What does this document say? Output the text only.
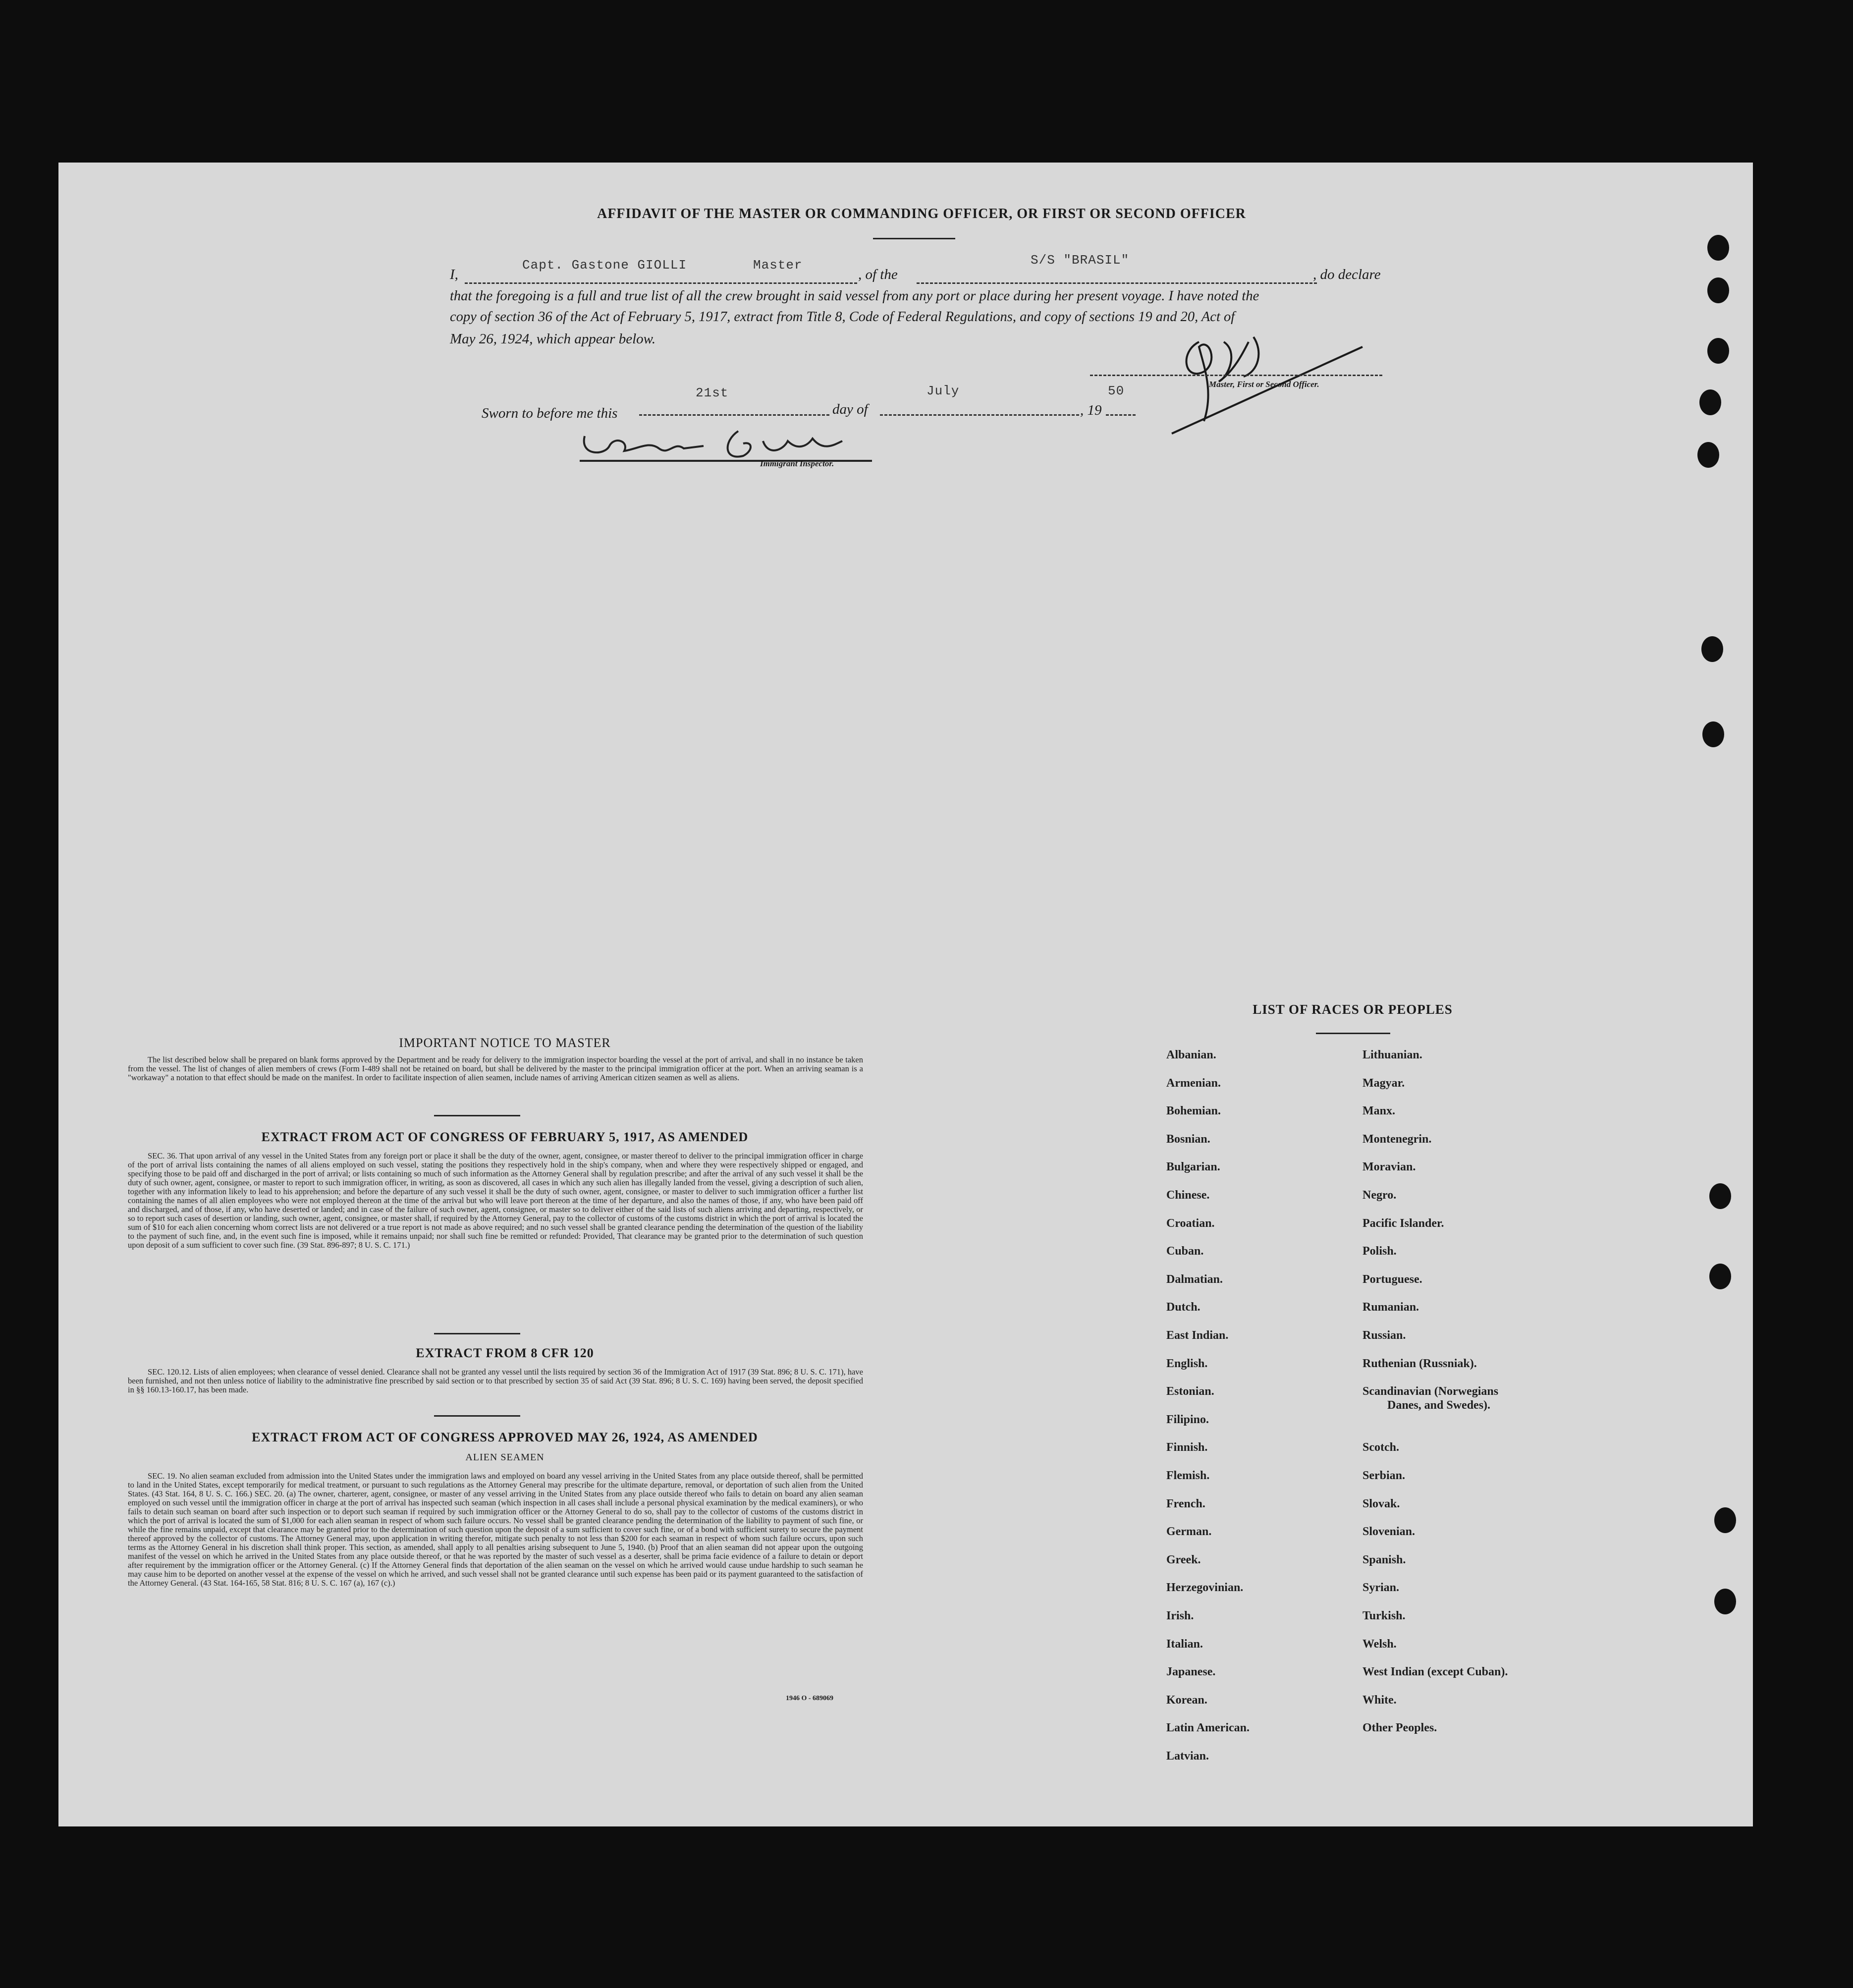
AFFIDAVIT OF THE MASTER OR COMMANDING OFFICER, OR FIRST OR SECOND OFFICER
I,
Capt. Gastone GIOLLI	Master
, of the
S/S "BRASIL"
, do declare
that the foregoing is a full and true list of all the crew brought in said vessel from any port or place during her present voyage. I have noted the
copy of section 36 of the Act of February 5, 1917, extract from Title 8, Code of Federal Regulations, and copy of sections 19 and 20, Act of
May 26, 1924, which appear below.
Master, First or Second Officer.
Sworn to before me this
21st
day of
July
, 19
50
Immigrant Inspector.
IMPORTANT NOTICE TO MASTER
The list described below shall be prepared on blank forms approved by the Department and be ready for delivery to the immigration inspector boarding the vessel at the port of arrival, and shall in no instance be taken from the vessel. The list of changes of alien members of crews (Form I-489 shall not be retained on board, but shall be delivered by the master to the principal immigration officer at the port. When an arriving seaman is a "workaway" a notation to that effect should be made on the manifest. In order to facilitate inspection of alien seamen, include names of arriving American citizen seamen as well as aliens.
EXTRACT FROM ACT OF CONGRESS OF FEBRUARY 5, 1917, AS AMENDED
SEC. 36. That upon arrival of any vessel in the United States from any foreign port or place it shall be the duty of the owner, agent, consignee, or master thereof to deliver to the principal immigration officer in charge of the port of arrival lists containing the names of all aliens employed on such vessel, stating the positions they respectively hold in the ship's company, when and where they were respectively shipped or engaged, and specifying those to be paid off and discharged in the port of arrival; or lists containing so much of such information as the Attorney General shall by regulation prescribe; and after the arrival of any such vessel it shall be the duty of such owner, agent, consignee, or master to report to such immigration officer, in writing, as soon as discovered, all cases in which any such alien has illegally landed from the vessel, giving a description of such alien, together with any information likely to lead to his apprehension; and before the departure of any such vessel it shall be the duty of such owner, agent, consignee, or master to deliver to such immigration officer a further list containing the names of all alien employees who were not employed thereon at the time of the arrival but who will leave port thereon at the time of her departure, and also the names of those, if any, who have been paid off and discharged, and of those, if any, who have deserted or landed; and in case of the failure of such owner, agent, consignee, or master so to deliver either of the said lists of such aliens arriving and departing, respectively, or so to report such cases of desertion or landing, such owner, agent, consignee, or master shall, if required by the Attorney General, pay to the collector of customs of the customs district in which the port of arrival is located the sum of $10 for each alien concerning whom correct lists are not delivered or a true report is not made as above required; and no such vessel shall be granted clearance pending the determination of the question of the liability to the payment of such fine, and, in the event such fine is imposed, while it remains unpaid; nor shall such fine be remitted or refunded: Provided, That clearance may be granted prior to the determination of such question upon deposit of a sum sufficient to cover such fine. (39 Stat. 896-897; 8 U. S. C. 171.)
EXTRACT FROM 8 CFR 120
SEC. 120.12. Lists of alien employees; when clearance of vessel denied. Clearance shall not be granted any vessel until the lists required by section 36 of the Immigration Act of 1917 (39 Stat. 896; 8 U. S. C. 171), have been furnished, and not then unless notice of liability to the administrative fine prescribed by said section or to that prescribed by section 35 of said Act (39 Stat. 896; 8 U. S. C. 169) having been served, the deposit specified in §§ 160.13-160.17, has been made.
EXTRACT FROM ACT OF CONGRESS APPROVED MAY 26, 1924, AS AMENDED
ALIEN SEAMEN
SEC. 19. No alien seaman excluded from admission into the United States under the immigration laws and employed on board any vessel arriving in the United States from any place outside thereof, shall be permitted to land in the United States, except temporarily for medical treatment, or pursuant to such regulations as the Attorney General may prescribe for the ultimate departure, removal, or deportation of such alien from the United States. (43 Stat. 164, 8 U. S. C. 166.) SEC. 20. (a) The owner, charterer, agent, consignee, or master of any vessel arriving in the United States from any place outside thereof who fails to detain on board any alien seaman employed on such vessel until the immigration officer in charge at the port of arrival has inspected such seaman (which inspection in all cases shall include a personal physical examination by the medical examiners), or who fails to detain such seaman on board after such inspection or to deport such seaman if required by such immigration officer or the Attorney General to do so, shall pay to the collector of customs of the customs district in which the port of arrival is located the sum of $1,000 for each alien seaman in respect of whom such failure occurs. No vessel shall be granted clearance pending the determination of the liability to payment of such fine, or while the fine remains unpaid, except that clearance may be granted prior to the determination of such question upon the deposit of a sum sufficient to cover such fine, or of a bond with sufficient surety to secure the payment thereof approved by the collector of customs. The Attorney General may, upon application in writing therefor, mitigate such penalty to not less than $200 for each seaman in respect of whom such failure occurs, upon such terms as the Attorney General in his discretion shall think proper. This section, as amended, shall apply to all penalties arising subsequent to June 5, 1940. (b) Proof that an alien seaman did not appear upon the outgoing manifest of the vessel on which he arrived in the United States from any place outside thereof, or that he was reported by the master of such vessel as a deserter, shall be prima facie evidence of a failure to detain or deport after requirement by the immigration officer or the Attorney General. (c) If the Attorney General finds that deportation of the alien seaman on the vessel on which he arrived would cause undue hardship to such seaman he may cause him to be deported on another vessel at the expense of the vessel on which he arrived, and such vessel shall not be granted clearance until such expense has been paid or its payment guaranteed to the satisfaction of the Attorney General. (43 Stat. 164-165, 58 Stat. 816; 8 U. S. C. 167 (a), 167 (c).)
1946 O - 689069
LIST OF RACES OR PEOPLES
Albanian.
Armenian.
Bohemian.
Bosnian.
Bulgarian.
Chinese.
Croatian.
Cuban.
Dalmatian.
Dutch.
East Indian.
English.
Estonian.
Filipino.
Finnish.
Flemish.
French.
German.
Greek.
Herzegovinian.
Irish.
Italian.
Japanese.
Korean.
Latin American.
Latvian.
Lithuanian.
Magyar.
Manx.
Montenegrin.
Moravian.
Negro.
Pacific Islander.
Polish.
Portuguese.
Rumanian.
Russian.
Ruthenian (Russniak).
Scandinavian (Norwegians
Danes, and Swedes).
Scotch.
Serbian.
Slovak.
Slovenian.
Spanish.
Syrian.
Turkish.
Welsh.
West Indian (except Cuban).
White.
Other Peoples.
